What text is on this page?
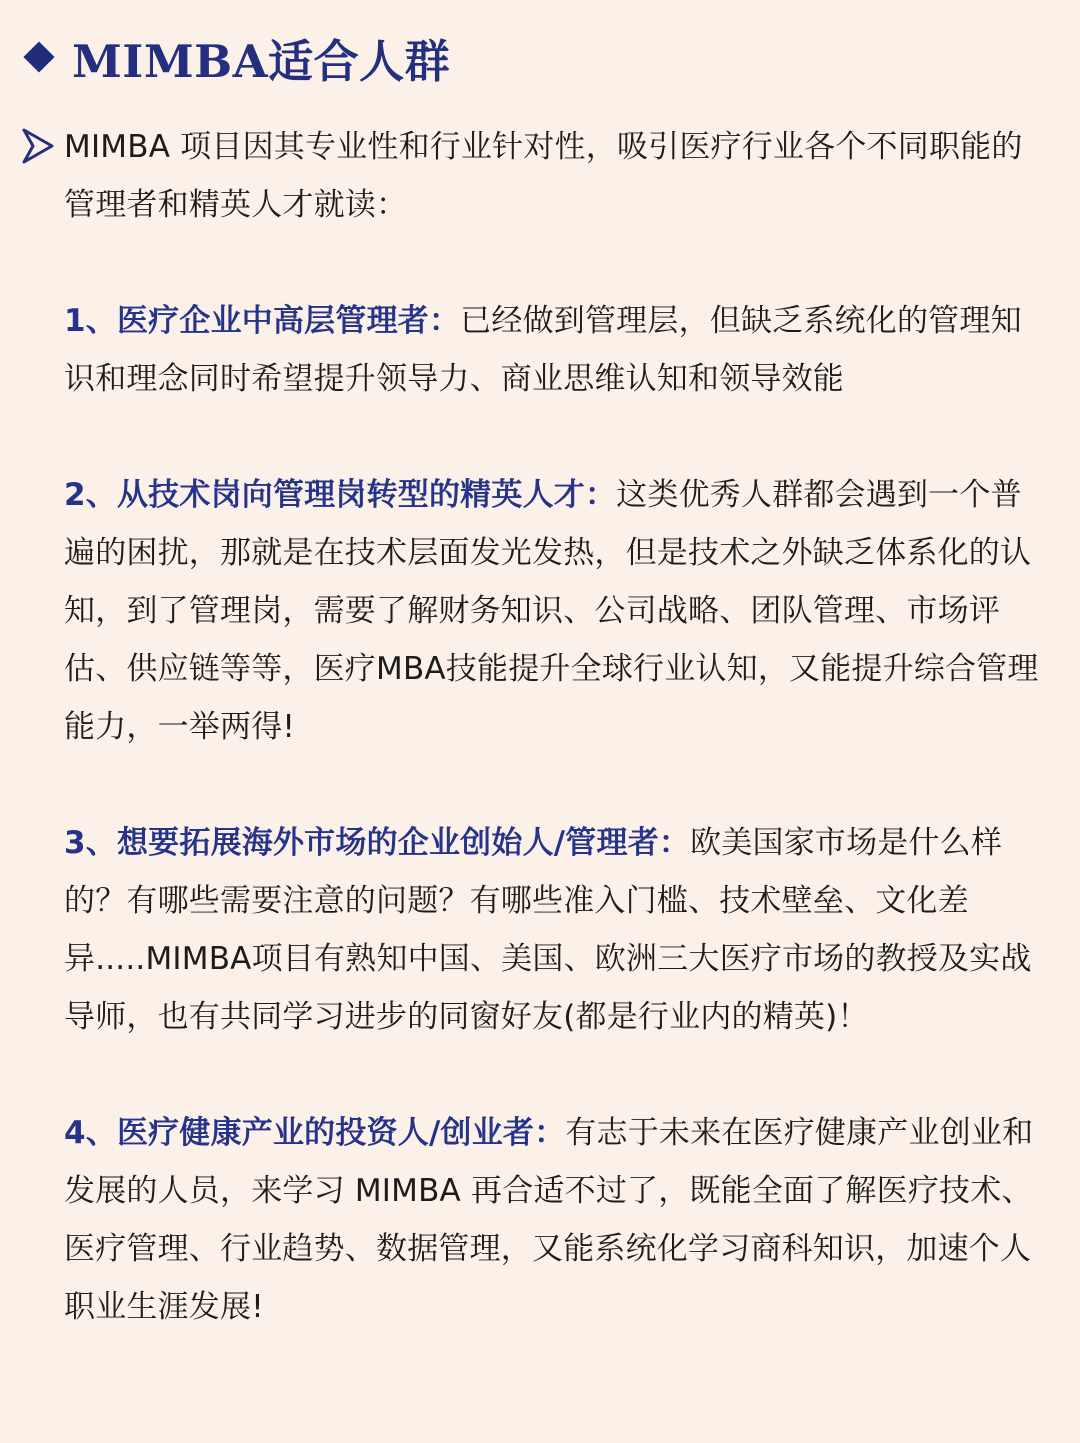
MIMBA适合人群

MIMBA 项目因其专业性和行业针对性，吸引医疗行业各个不同职能的管理者和精英人才就读：

1、医疗企业中高层管理者：已经做到管理层，但缺乏系统化的管理知识和理念同时希望提升领导力、商业思维认知和领导效能

2、从技术岗向管理岗转型的精英人才：这类优秀人群都会遇到一个普遍的困扰，那就是在技术层面发光发热，但是技术之外缺乏体系化的认知，到了管理岗，需要了解财务知识、公司战略、团队管理、市场评估、供应链等等，医疗MBA技能提升全球行业认知，又能提升综合管理能力，一举两得!

3、想要拓展海外市场的企业创始人/管理者：欧美国家市场是什么样的？有哪些需要注意的问题？有哪些准入门槛、技术壁垒、文化差异.....MIMBA项目有熟知中国、美国、欧洲三大医疗市场的教授及实战导师，也有共同学习进步的同窗好友(都是行业内的精英)！

4、医疗健康产业的投资人/创业者：有志于未来在医疗健康产业创业和发展的人员，来学习 MIMBA 再合适不过了，既能全面了解医疗技术、医疗管理、行业趋势、数据管理，又能系统化学习商科知识，加速个人职业生涯发展!
